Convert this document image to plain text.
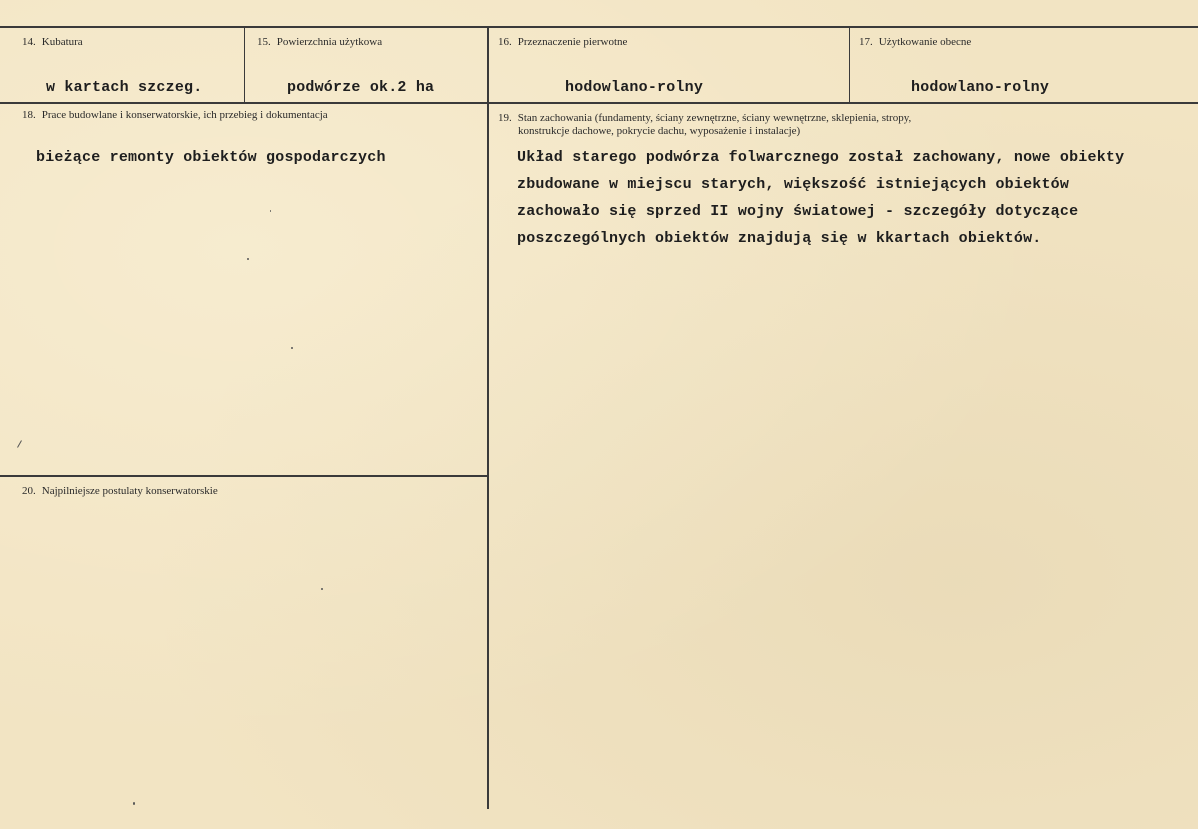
14. Kubatura
w kartach szczeg.
15. Powierzchnia użytkowa
podwórze ok.2 ha
16. Przeznaczenie pierwotne
hodowlano-rolny
17. Użytkowanie obecne
hodowlano-rolny
18. Prace budowlane i konserwatorskie, ich przebieg i dokumentacja
bieżące remonty obiektów gospodarczych
19. Stan zachowania (fundamenty, ściany zewnętrzne, ściany wewnętrzne, sklepienia, stropy,
konstrukcje dachowe, pokrycie dachu, wyposażenie i instalacje)
Układ starego podwórza folwarcznego został zachowany, nowe obiekty
zbudowane w miejscu starych, większość istniejących obiektów
zachowało się sprzed II wojny światowej - szczegóły dotyczące
poszczególnych obiektów znajdują się w kkartach obiektów.
20. Najpilniejsze postulaty konserwatorskie
